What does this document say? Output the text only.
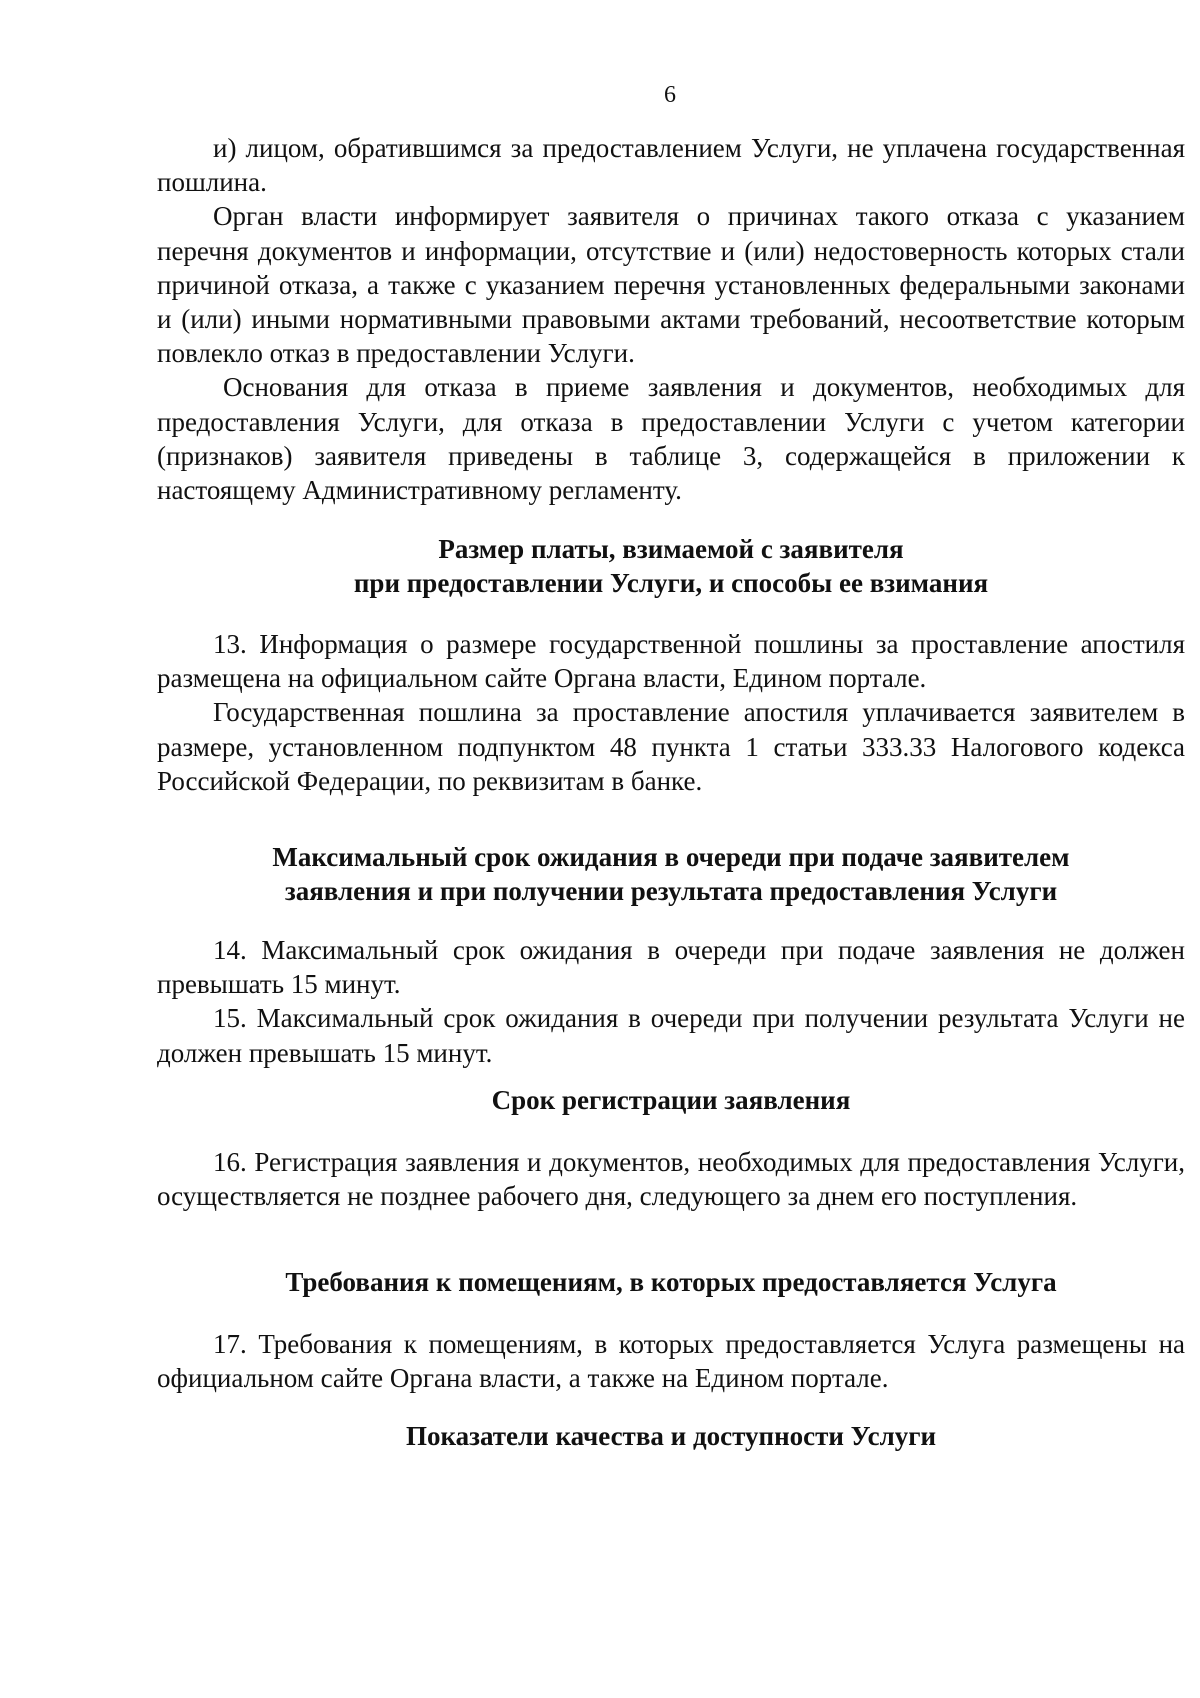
6

и) лицом, обратившимся за предоставлением Услуги, не уплачена государственная пошлина.

Орган власти информирует заявителя о причинах такого отказа с указанием перечня документов и информации, отсутствие и (или) недостоверность которых стали причиной отказа, а также с указанием перечня установленных федеральными законами и (или) иными нормативными правовыми актами требований, несоответствие которым повлекло отказ в предоставлении Услуги.

Основания для отказа в приеме заявления и документов, необходимых для предоставления Услуги, для отказа в предоставлении Услуги с учетом категории (признаков) заявителя приведены в таблице 3, содержащейся в приложении к настоящему Административному регламенту.

Размер платы, взимаемой с заявителя
при предоставлении Услуги, и способы ее взимания

13. Информация о размере государственной пошлины за проставление апостиля размещена на официальном сайте Органа власти, Едином портале.

Государственная пошлина за проставление апостиля уплачивается заявителем в размере, установленном подпунктом 48 пункта 1 статьи 333.33 Налогового кодекса Российской Федерации, по реквизитам в банке.

Максимальный срок ожидания в очереди при подаче заявителем
заявления и при получении результата предоставления Услуги

14. Максимальный срок ожидания в очереди при подаче заявления не должен превышать 15 минут.

15. Максимальный срок ожидания в очереди при получении результата Услуги не должен превышать 15 минут.

Срок регистрации заявления

16. Регистрация заявления и документов, необходимых для предоставления Услуги, осуществляется не позднее рабочего дня, следующего за днем его поступления.

Требования к помещениям, в которых предоставляется Услуга

17. Требования к помещениям, в которых предоставляется Услуга размещены на официальном сайте Органа власти, а также на Едином портале.

Показатели качества и доступности Услуги
